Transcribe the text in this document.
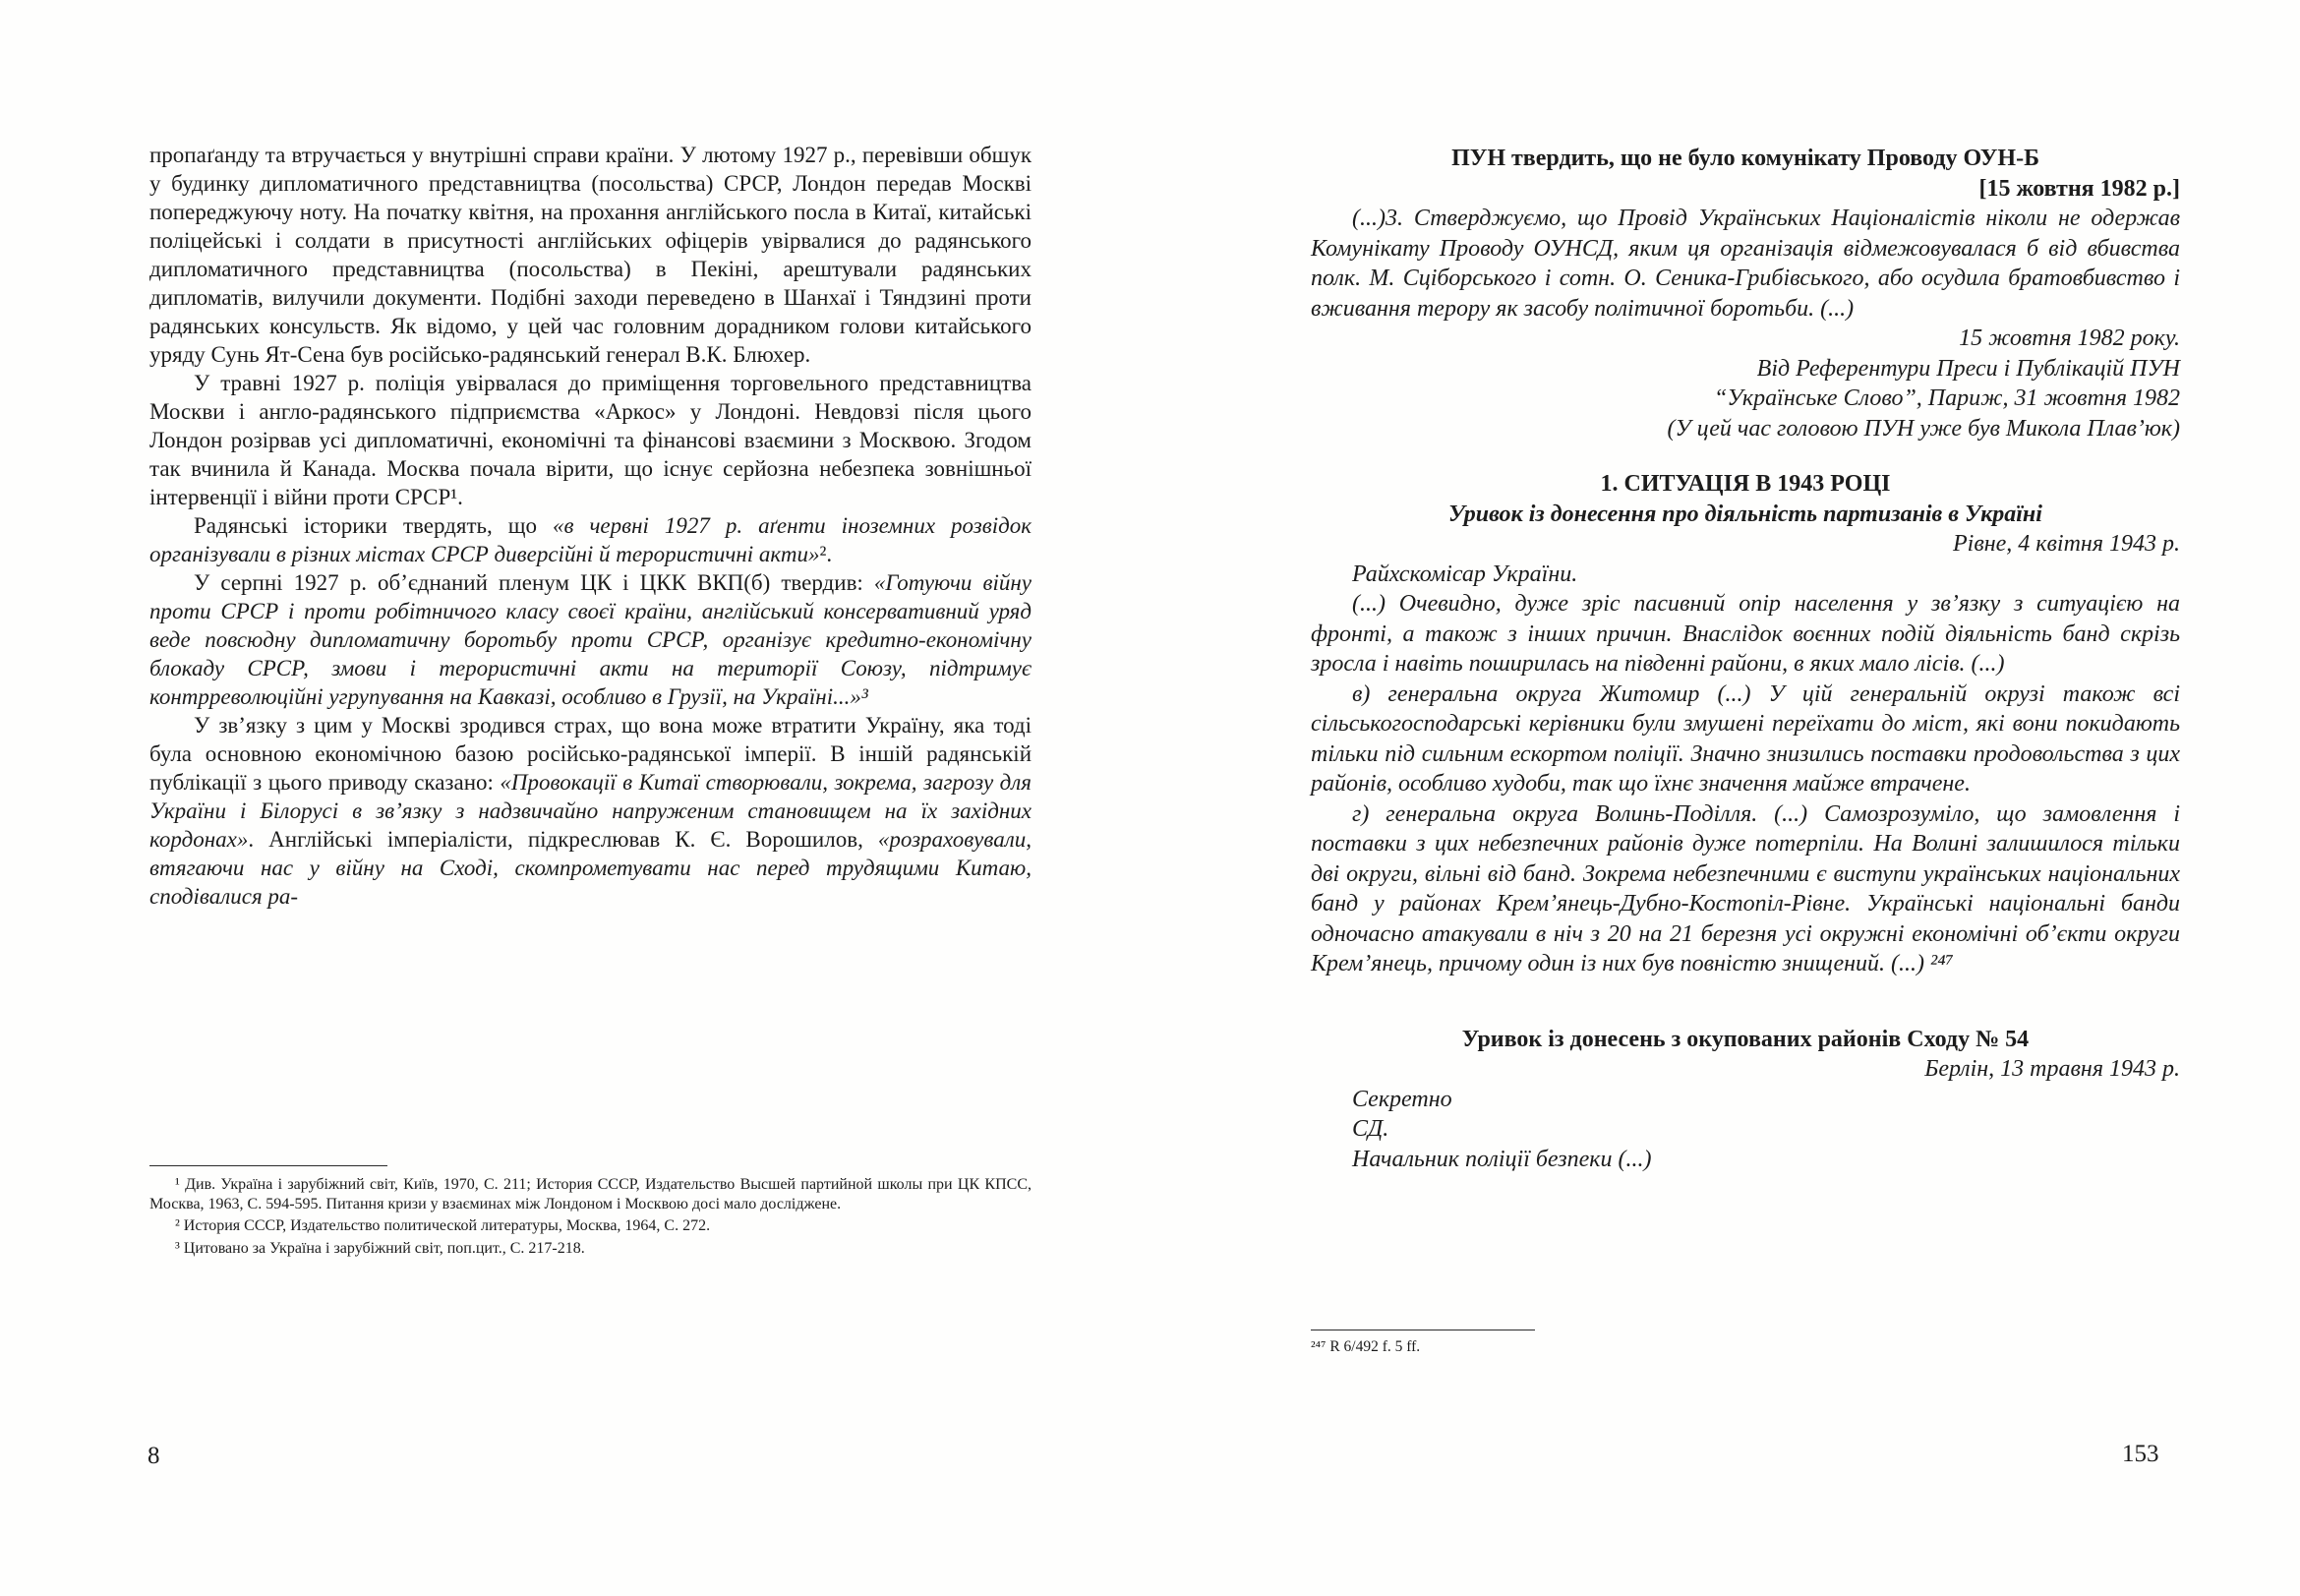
пропаґанду та втручається у внутрішні справи країни. У лютому 1927 р., перевівши обшук у будинку дипломатичного представництва (посольства) СРСР, Лондон передав Москві попереджуючу ноту. На початку квітня, на прохання англійського посла в Китаї, китайські поліцейські і солдати в присутності англійських офіцерів увірвалися до радянського дипломатичного представництва (посольства) в Пекіні, арештували радянських дипломатів, вилучили документи. Подібні заходи переведено в Шанхаї і Тяндзині проти радянських консульств. Як відомо, у цей час головним дорадником голови китайського уряду Сунь Ят-Сена був російсько-радянський генерал В.К. Блюхер.

У травні 1927 р. поліція увірвалася до приміщення торговельного представництва Москви і англо-радянського підприємства «Аркос» у Лондоні. Невдовзі після цього Лондон розірвав усі дипломатичні, економічні та фінансові взаємини з Москвою. Згодом так вчинила й Канада. Москва почала вірити, що існує серйозна небезпека зовнішньої інтервенції і війни проти СРСР¹.

Радянські історики твердять, що «в червні 1927 р. аґенти іноземних розвідок організували в різних містах СРСР диверсійні й терористичні акти»².

У серпні 1927 р. об’єднаний пленум ЦК і ЦКК ВКП(б) твердив: «Готуючи війну проти СРСР і проти робітничого класу своєї країни, англійський консервативний уряд веде повсюдну дипломатичну боротьбу проти СРСР, організує кредитно-економічну блокаду СРСР, змови і терористичні акти на території Союзу, підтримує контрреволюційні угрупування на Кавказі, особливо в Грузії, на Україні...»³

У зв’язку з цим у Москві зродився страх, що вона може втратити Україну, яка тоді була основною економічною базою російсько-радянської імперії. В іншій радянській публікації з цього приводу сказано: «Провокації в Китаї створювали, зокрема, загрозу для України і Білорусі в зв’язку з надзвичайно напруженим становищем на їх західних кордонах». Англійські імперіалісти, підкреслював К. Є. Ворошилов, «розраховували, втягаючи нас у війну на Сході, скомпрометувати нас перед трудящими Китаю, сподівалися ра-

¹ Див. Україна і зарубіжний світ, Київ, 1970, С. 211; История СССР, Издательство Высшей партийной школы при ЦК КПСС, Москва, 1963, С. 594-595. Питання кризи у взаєминах між Лондоном і Москвою досі мало досліджене.

² История СССР, Издательство политической литературы, Москва, 1964, С. 272.

³ Цитовано за Україна і зарубіжний світ, поп.цит., С. 217-218.

8

ПУН твердить, що не було комунікату Проводу ОУН-Б

[15 жовтня 1982 р.]

(...)3. Стверджуємо, що Провід Українських Націоналістів ніколи не одержав Комунікату Проводу ОУНСД, яким ця організація відмежовувалася б від вбивства полк. М. Сціборського і сотн. О. Сеника-Грибівського, або осудила братовбивство і вживання терору як засобу політичної боротьби. (...)

15 жовтня 1982 року.

Від Референтури Преси і Публікацій ПУН

“Українське Слово”, Париж, 31 жовтня 1982

(У цей час головою ПУН уже був Микола Плав’юк)

1. СИТУАЦІЯ В 1943 РОЦІ

Уривок із донесення про діяльність партизанів в Україні

Рівне, 4 квітня 1943 р.

Райхскомісар України.

(...) Очевидно, дуже зріс пасивний опір населення у зв’язку з ситуацією на фронті, а також з інших причин. Внаслідок воєнних подій діяльність банд скрізь зросла і навіть поширилась на південні райони, в яких мало лісів. (...)

в) генеральна округа Житомир (...) У цій генеральній окрузі також всі сільськогосподарські керівники були змушені переїхати до міст, які вони покидають тільки під сильним ескортом поліції. Значно знизились поставки продовольства з цих районів, особливо худоби, так що їхнє значення майже втрачене.

г) генеральна округа Волинь-Поділля. (...) Самозрозуміло, що замовлення і поставки з цих небезпечних районів дуже потерпіли. На Волині залишилося тільки дві округи, вільні від банд. Зокрема небезпечними є виступи українських національних банд у районах Крем’янець-Дубно-Костопіл-Рівне. Українські національні банди одночасно атакували в ніч з 20 на 21 березня усі окружні економічні об’єкти округи Крем’янець, причому один із них був повністю знищений. (...) ²⁴⁷

Уривок із донесень з окупованих районів Сходу № 54

Берлін, 13 травня 1943 р.

Секретно

СД.

Начальник поліції безпеки (...)

²⁴⁷ R 6/492 f. 5 ff.

153
